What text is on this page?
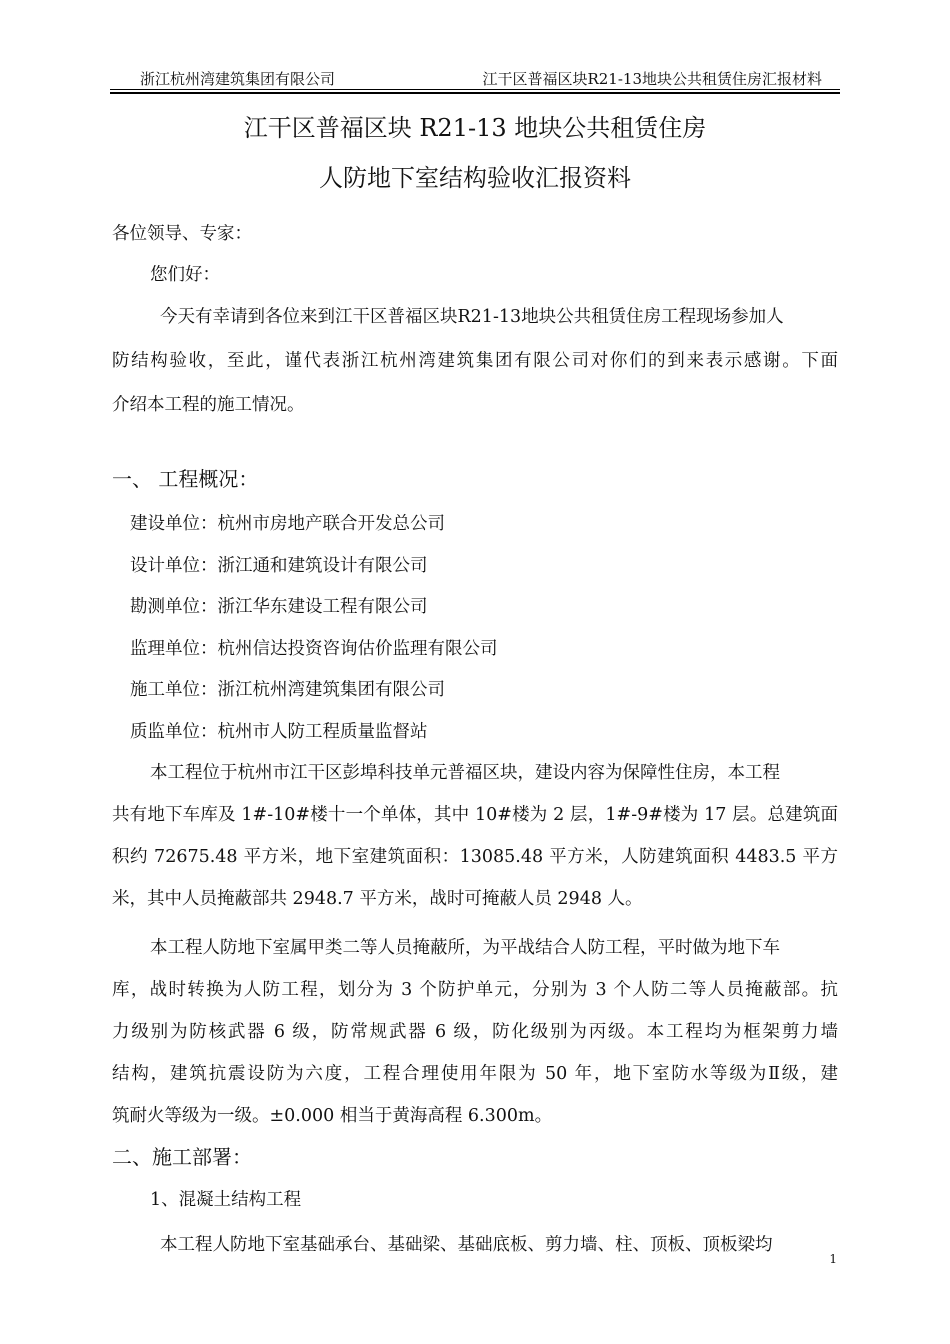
浙江杭州湾建筑集团有限公司	江干区普福区块R21-13地块公共租赁住房汇报材料
江干区普福区块 R21-13 地块公共租赁住房
人防地下室结构验收汇报资料
各位领导、专家：
您们好：
今天有幸请到各位来到江干区普福区块R21-13地块公共租赁住房工程现场参加人
防结构验收，至此，谨代表浙江杭州湾建筑集团有限公司对你们的到来表示感谢。下面
介绍本工程的施工情况。
一、 工程概况：
建设单位：杭州市房地产联合开发总公司
设计单位：浙江通和建筑设计有限公司
勘测单位：浙江华东建设工程有限公司
监理单位：杭州信达投资咨询估价监理有限公司
施工单位：浙江杭州湾建筑集团有限公司
质监单位：杭州市人防工程质量监督站
本工程位于杭州市江干区彭埠科技单元普福区块，建设内容为保障性住房，本工程
共有地下车库及 1#-10#楼十一个单体，其中 10#楼为 2 层，1#-9#楼为 17 层。总建筑面
积约 72675.48 平方米，地下室建筑面积：13085.48 平方米，人防建筑面积 4483.5 平方
米，其中人员掩蔽部共 2948.7 平方米，战时可掩蔽人员 2948 人。
本工程人防地下室属甲类二等人员掩蔽所，为平战结合人防工程，平时做为地下车
库，战时转换为人防工程，划分为 3 个防护单元，分别为 3 个人防二等人员掩蔽部。抗
力级别为防核武器 6 级，防常规武器 6 级，防化级别为丙级。本工程均为框架剪力墙
结构，建筑抗震设防为六度，工程合理使用年限为 50 年，地下室防水等级为Ⅱ级，建
筑耐火等级为一级。±0.000 相当于黄海高程 6.300m。
二、施工部署：
1、混凝土结构工程
本工程人防地下室基础承台、基础梁、基础底板、剪力墙、柱、顶板、顶板梁均
1
